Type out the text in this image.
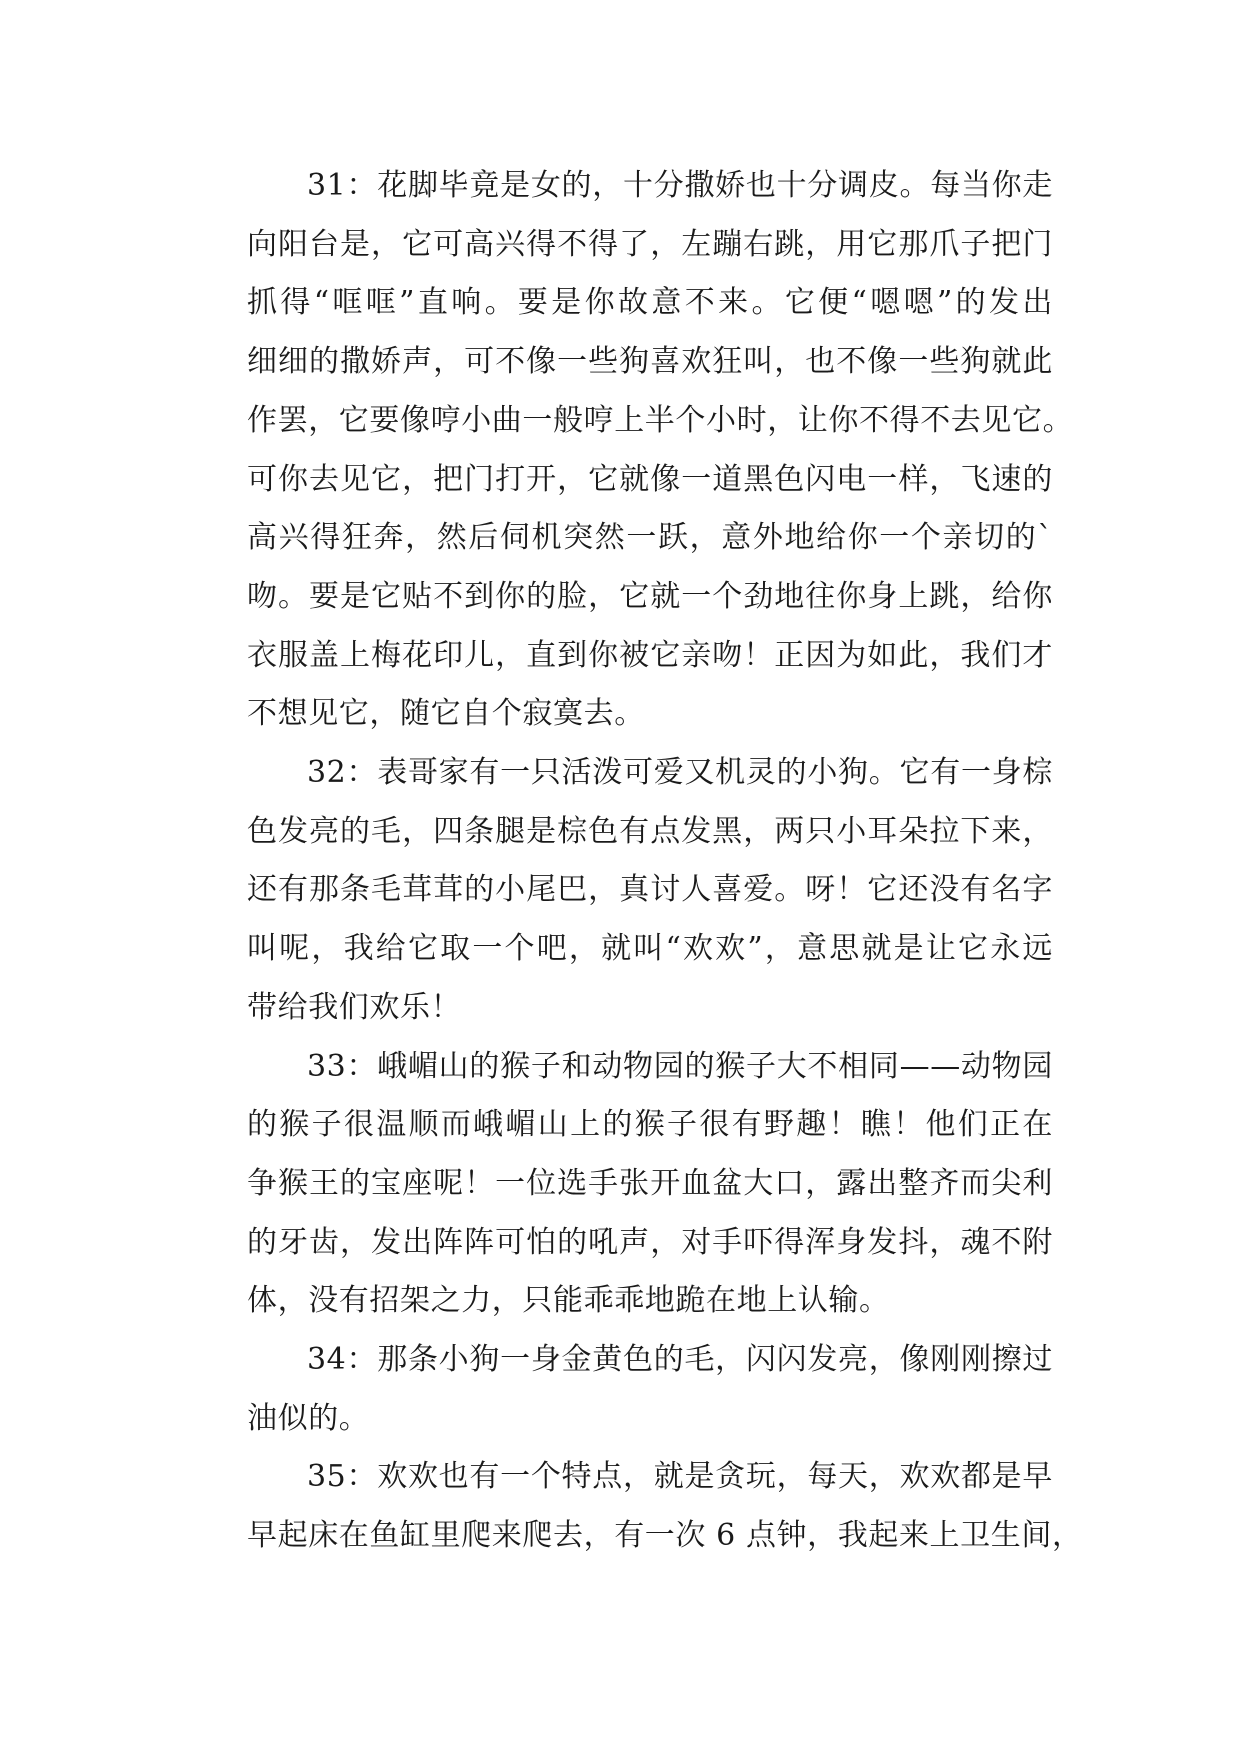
31：花脚毕竟是女的，十分撒娇也十分调皮。每当你走
向阳台是，它可高兴得不得了，左蹦右跳，用它那爪子把门
抓得“哐哐”直响。要是你故意不来。它便“嗯嗯”的发出
细细的撒娇声，可不像一些狗喜欢狂叫，也不像一些狗就此
作罢，它要像哼小曲一般哼上半个小时，让你不得不去见它。
可你去见它，把门打开，它就像一道黑色闪电一样，飞速的
高兴得狂奔，然后伺机突然一跃，意外地给你一个亲切的`
吻。要是它贴不到你的脸，它就一个劲地往你身上跳，给你
衣服盖上梅花印儿，直到你被它亲吻！正因为如此，我们才
不想见它，随它自个寂寞去。
32：表哥家有一只活泼可爱又机灵的小狗。它有一身棕
色发亮的毛，四条腿是棕色有点发黑，两只小耳朵拉下来，
还有那条毛茸茸的小尾巴，真讨人喜爱。呀！它还没有名字
叫呢，我给它取一个吧，就叫“欢欢”，意思就是让它永远
带给我们欢乐！
33：峨嵋山的猴子和动物园的猴子大不相同——动物园
的猴子很温顺而峨嵋山上的猴子很有野趣！瞧！他们正在
争猴王的宝座呢！一位选手张开血盆大口，露出整齐而尖利
的牙齿，发出阵阵可怕的吼声，对手吓得浑身发抖，魂不附
体，没有招架之力，只能乖乖地跪在地上认输。
34：那条小狗一身金黄色的毛，闪闪发亮，像刚刚擦过
油似的。
35：欢欢也有一个特点，就是贪玩，每天，欢欢都是早
早起床在鱼缸里爬来爬去，有一次 6 点钟，我起来上卫生间，
